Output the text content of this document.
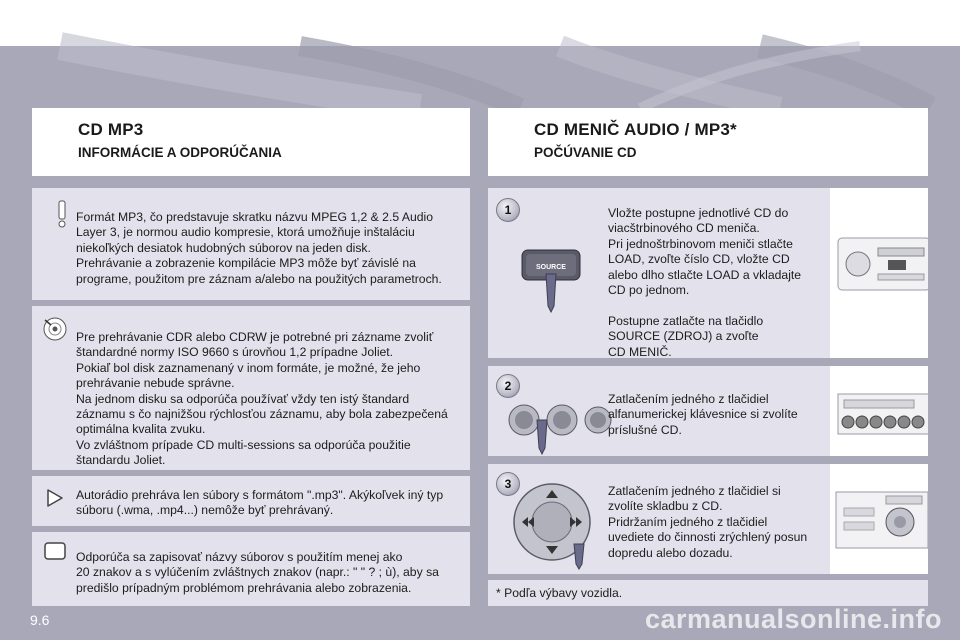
CD MP3
INFORMÁCIE A ODPORÚČANIA
CD MENIČ AUDIO / MP3*
POČÚVANIE CD
Formát MP3, čo predstavuje skratku názvu MPEG 1,2 & 2.5 Audio
Layer 3, je normou audio kompresie, ktorá umožňuje inštaláciu
niekoľkých desiatok hudobných súborov na jeden disk.
Prehrávanie a zobrazenie kompilácie MP3 môže byť závislé na
programe, použitom pre záznam a/alebo na použitých parametroch.
Pre prehrávanie CDR alebo CDRW je potrebné pri zázname zvoliť
štandardné normy ISO 9660 s úrovňou 1,2 prípadne Joliet.
Pokiaľ bol disk zaznamenaný v inom formáte, je možné, že jeho
prehrávanie nebude správne.
Na jednom disku sa odporúča používať vždy ten istý štandard
záznamu s čo najnižšou rýchlosťou záznamu, aby bola zabezpečená
optimálna kvalita zvuku.
Vo zvláštnom prípade CD multi-sessions sa odporúča použitie
štandardu Joliet.
Autorádio prehráva len súbory s formátom ".mp3". Akýkoľvek iný typ
súboru (.wma, .mp4...) nemôže byť prehrávaný.
Odporúča sa zapisovať názvy súborov s použitím menej ako
20 znakov a s vylúčením zvláštnych znakov (napr.: " " ? ; ù), aby sa
predišlo prípadným problémom prehrávania alebo zobrazenia.
1
SOURCE
Vložte postupne jednotlivé CD do
viacštrbinového CD meniča.
Pri jednoštrbinovom meniči stlačte
LOAD, zvoľte číslo CD, vložte CD
alebo dlho stlačte LOAD a vkladajte
CD po jednom.

Postupne zatlačte na tlačidlo
SOURCE (ZDROJ) a zvoľte
CD MENIČ.
2
Zatlačením jedného z tlačidiel
alfanumerickej klávesnice si zvolíte
príslušné CD.
3	Zatlačením jedného z tlačidiel si
zvolíte skladbu z CD.
Pridržaním jedného z tlačidiel
uvediete do činnosti zrýchlený posun
dopredu alebo dozadu.
* Podľa výbavy vozidla.
9.6	carmanualsonline.info
